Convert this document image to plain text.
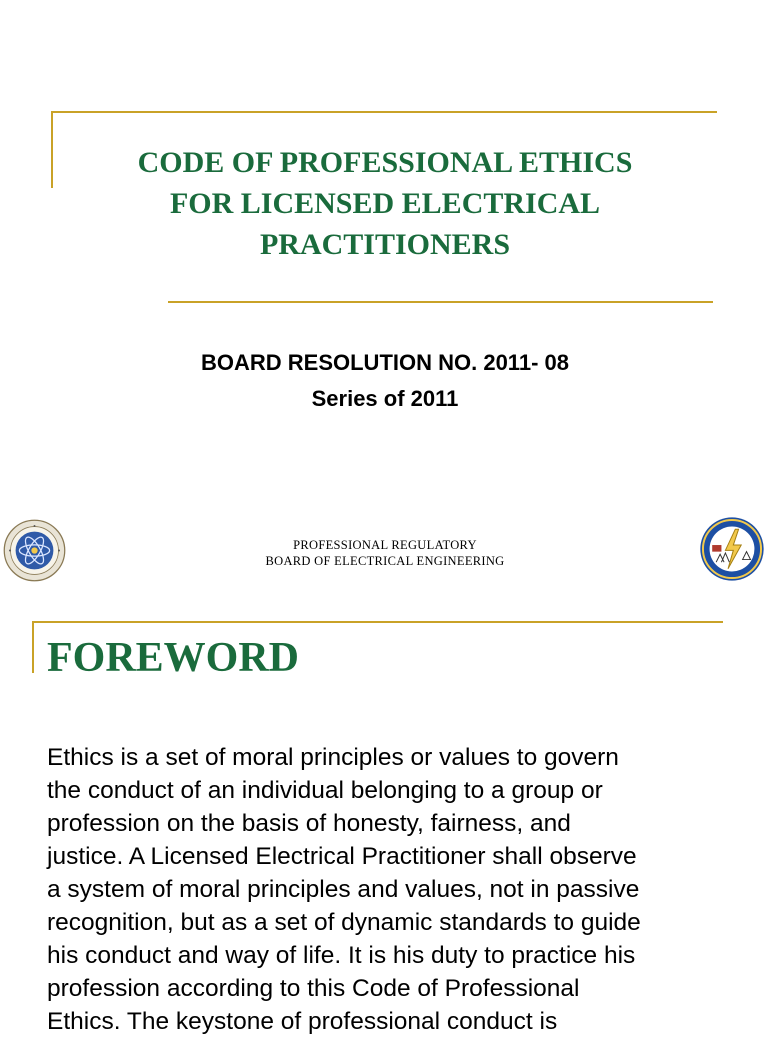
CODE OF PROFESSIONAL ETHICS
FOR LICENSED ELECTRICAL
PRACTITIONERS
BOARD RESOLUTION NO. 2011- 08
Series of 2011
PROFESSIONAL REGULATORY
BOARD OF ELECTRICAL ENGINEERING
FOREWORD
Ethics is a set of moral principles or values to govern
the conduct of an individual belonging to a group or
profession on the basis of honesty, fairness, and
justice. A Licensed Electrical Practitioner shall observe
a system of moral principles and values, not in passive
recognition, but as a set of dynamic standards to guide
his conduct and way of life. It is his duty to practice his
profession according to this Code of Professional
Ethics. The keystone of professional conduct is
